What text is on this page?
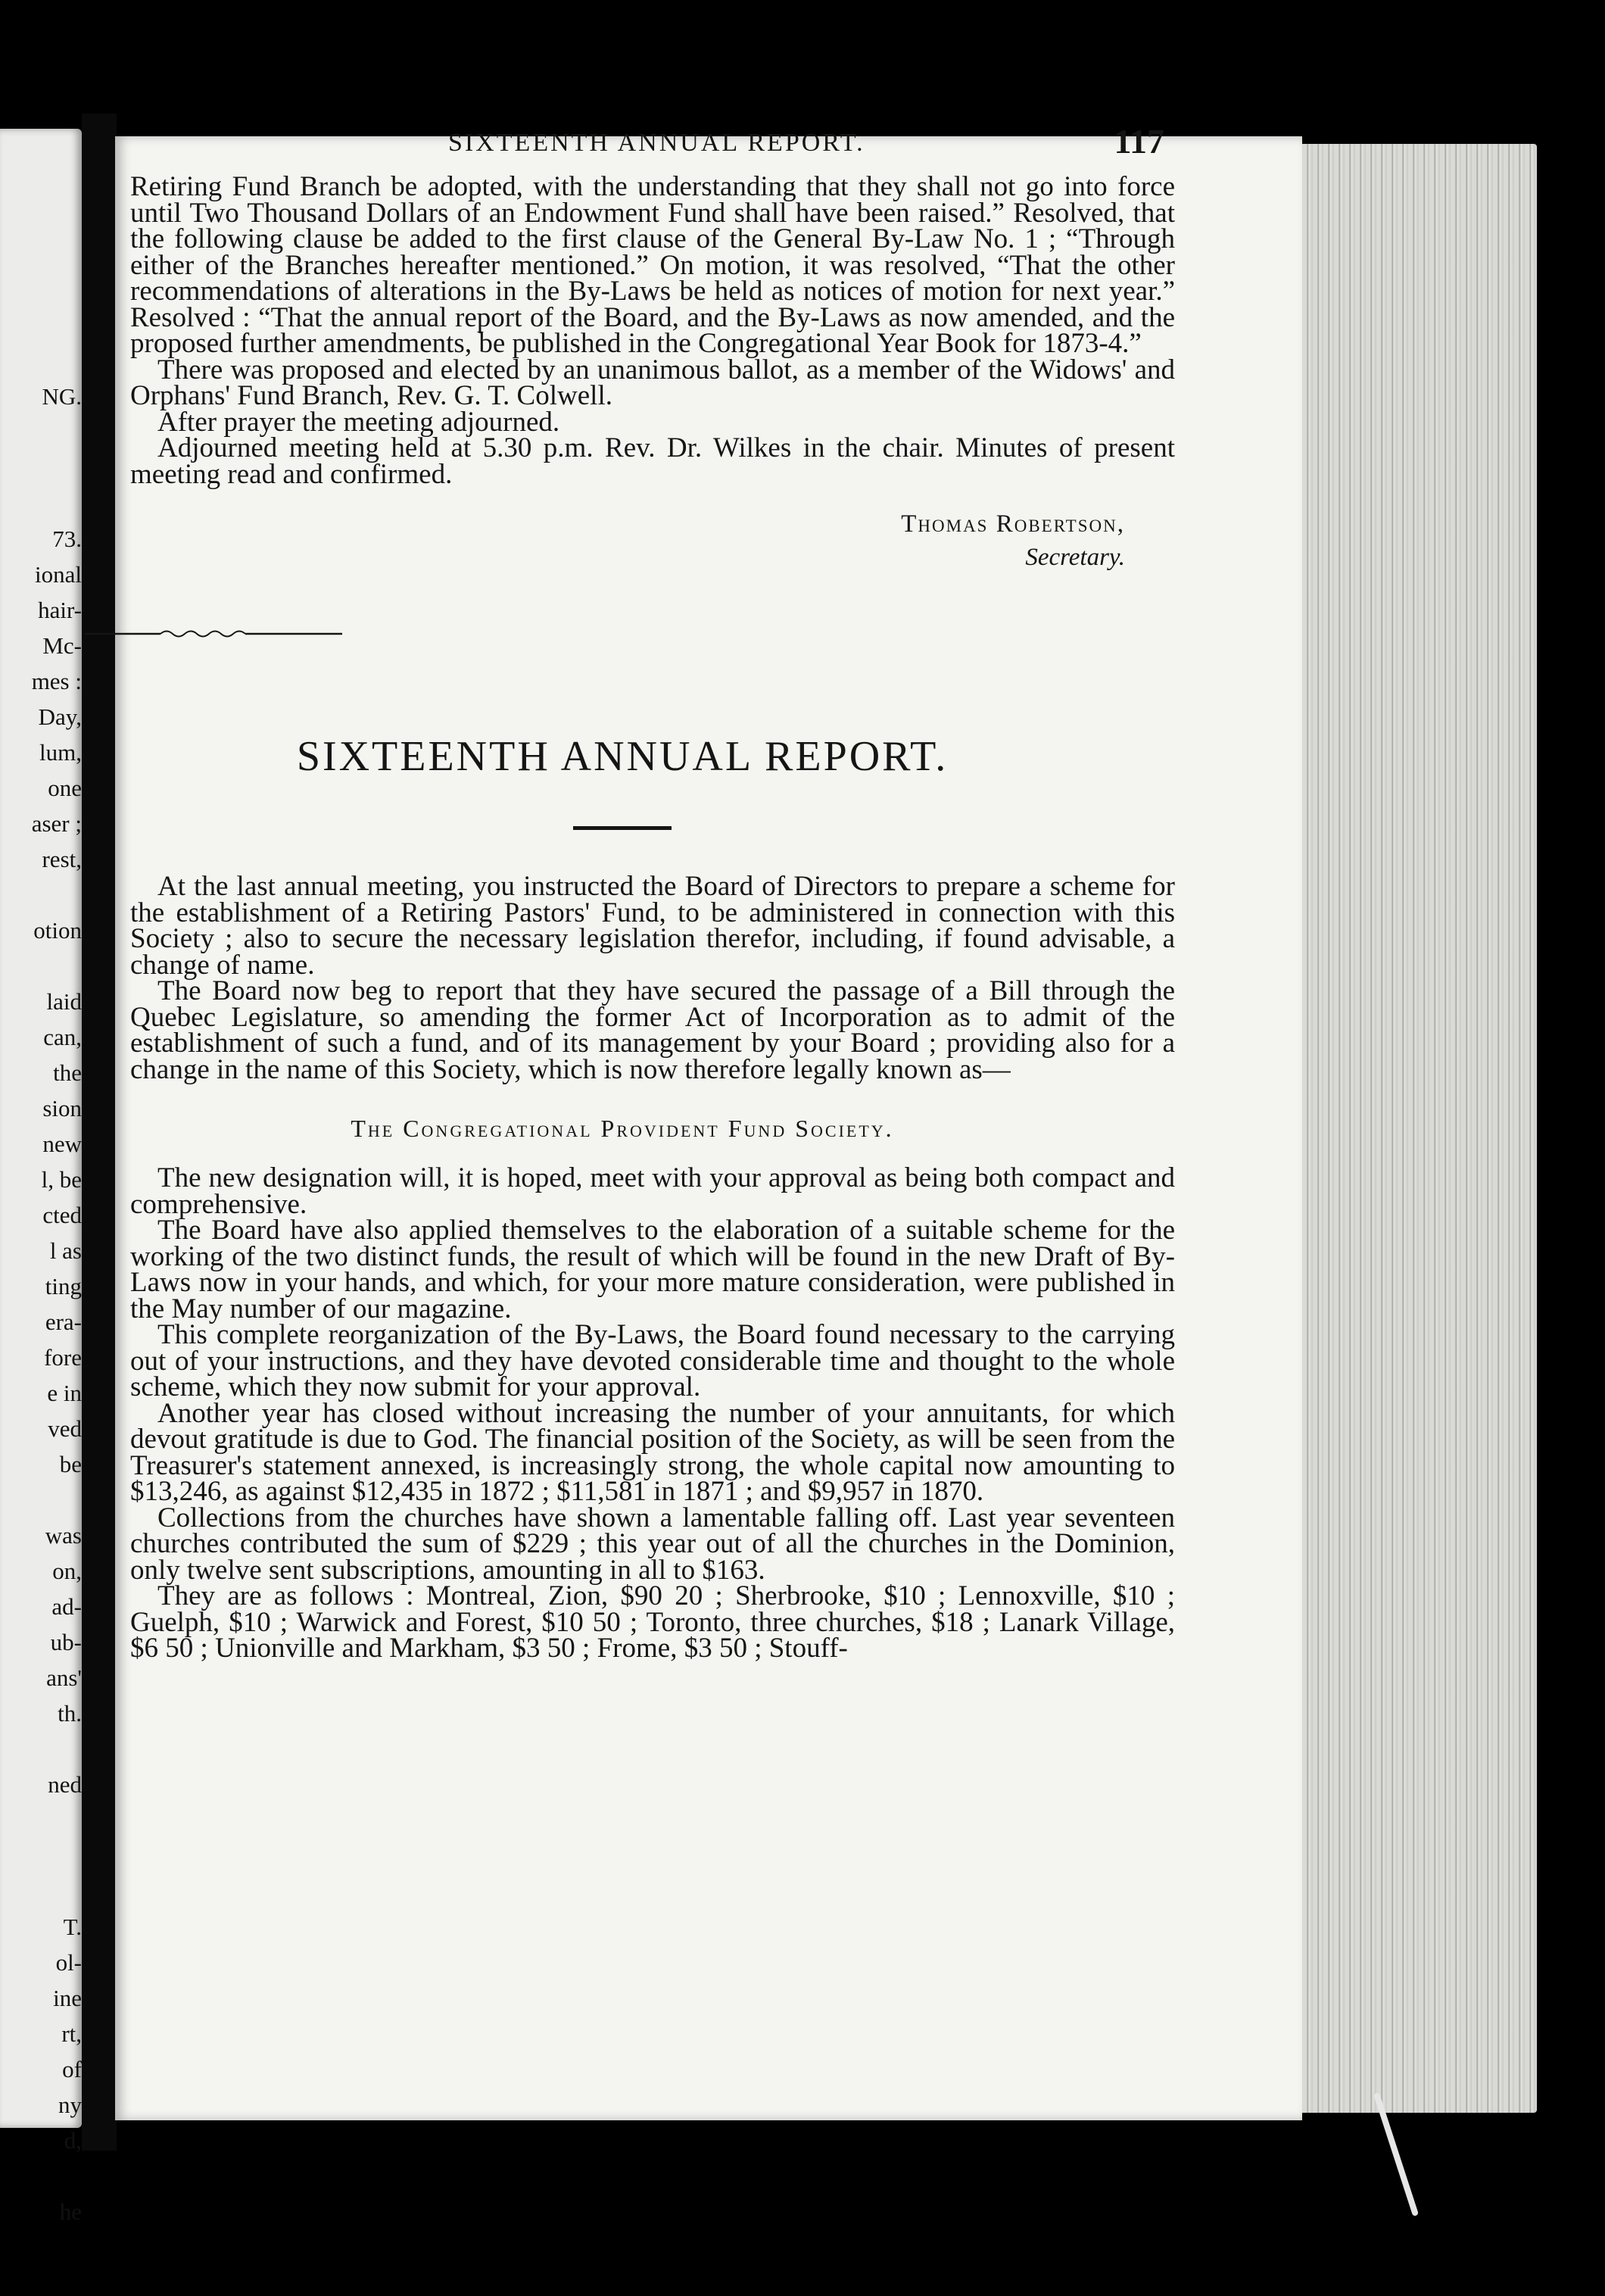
NG.

73.
ional
hair-
Mc-
mes :
Day,
lum,
one
aser ;
rest,

otion

laid
can,
the
sion
new
l, be
cted
l as
ting
era-
fore
e in
ved
be

was
on,
ad-
ub-
ans'
th.

ned

T.
ol-
ine
rt,
of
ny
d,

he
SIXTEENTH ANNUAL REPORT.	117

Retiring Fund Branch be adopted, with the understanding that they shall not go into force until Two Thousand Dollars of an Endowment Fund shall have been raised.” Resolved, that the following clause be added to the first clause of the General By-Law No. 1 ; “Through either of the Branches hereafter mentioned.” On motion, it was resolved, “That the other recommendations of alterations in the By-Laws be held as notices of motion for next year.” Resolved : “That the annual report of the Board, and the By-Laws as now amended, and the proposed further amendments, be published in the Congregational Year Book for 1873-4.”

There was proposed and elected by an unanimous ballot, as a member of the Widows' and Orphans' Fund Branch, Rev. G. T. Colwell.

After prayer the meeting adjourned.

Adjourned meeting held at 5.30 p.m. Rev. Dr. Wilkes in the chair. Minutes of present meeting read and confirmed.

Thomas Robertson,
Secretary.
SIXTEENTH ANNUAL REPORT.

At the last annual meeting, you instructed the Board of Directors to prepare a scheme for the establishment of a Retiring Pastors' Fund, to be administered in connection with this Society ; also to secure the necessary legislation therefor, including, if found advisable, a change of name.

The Board now beg to report that they have secured the passage of a Bill through the Quebec Legislature, so amending the former Act of Incorporation as to admit of the establishment of such a fund, and of its management by your Board ; providing also for a change in the name of this Society, which is now therefore legally known as—

The Congregational Provident Fund Society.

The new designation will, it is hoped, meet with your approval as being both compact and comprehensive.

The Board have also applied themselves to the elaboration of a suitable scheme for the working of the two distinct funds, the result of which will be found in the new Draft of By-Laws now in your hands, and which, for your more mature consideration, were published in the May number of our magazine.

This complete reorganization of the By-Laws, the Board found necessary to the carrying out of your instructions, and they have devoted considerable time and thought to the whole scheme, which they now submit for your approval.

Another year has closed without increasing the number of your annuitants, for which devout gratitude is due to God. The financial position of the Society, as will be seen from the Treasurer's statement annexed, is increasingly strong, the whole capital now amounting to $13,246, as against $12,435 in 1872 ; $11,581 in 1871 ; and $9,957 in 1870.

Collections from the churches have shown a lamentable falling off. Last year seventeen churches contributed the sum of $229 ; this year out of all the churches in the Dominion, only twelve sent subscriptions, amounting in all to $163.

They are as follows : Montreal, Zion, $90 20 ; Sherbrooke, $10 ; Lennoxville, $10 ; Guelph, $10 ; Warwick and Forest, $10 50 ; Toronto, three churches, $18 ; Lanark Village, $6 50 ; Unionville and Markham, $3 50 ; Frome, $3 50 ; Stouff-
